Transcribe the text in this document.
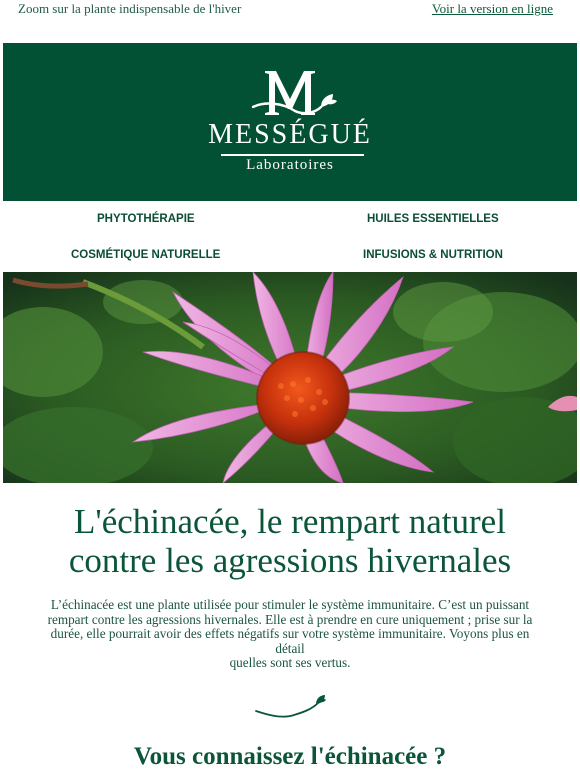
Zoom sur la plante indispensable de l'hiver	Voir la version en ligne
MESSÉGUÉ
Laboratoires
PHYTOTHÉRAPIE	HUILES ESSENTIELLES
COSMÉTIQUE NATURELLE	INFUSIONS & NUTRITION
L'échinacée, le rempart naturel
contre les agressions hivernales
L’échinacée est une plante utilisée pour stimuler le système immunitaire. C’est un puissant
rempart contre les agressions hivernales. Elle est à prendre en cure uniquement ; prise sur la
durée, elle pourrait avoir des effets négatifs sur votre système immunitaire. Voyons plus en détail
quelles sont ses vertus.
Vous connaissez l'échinacée ?
